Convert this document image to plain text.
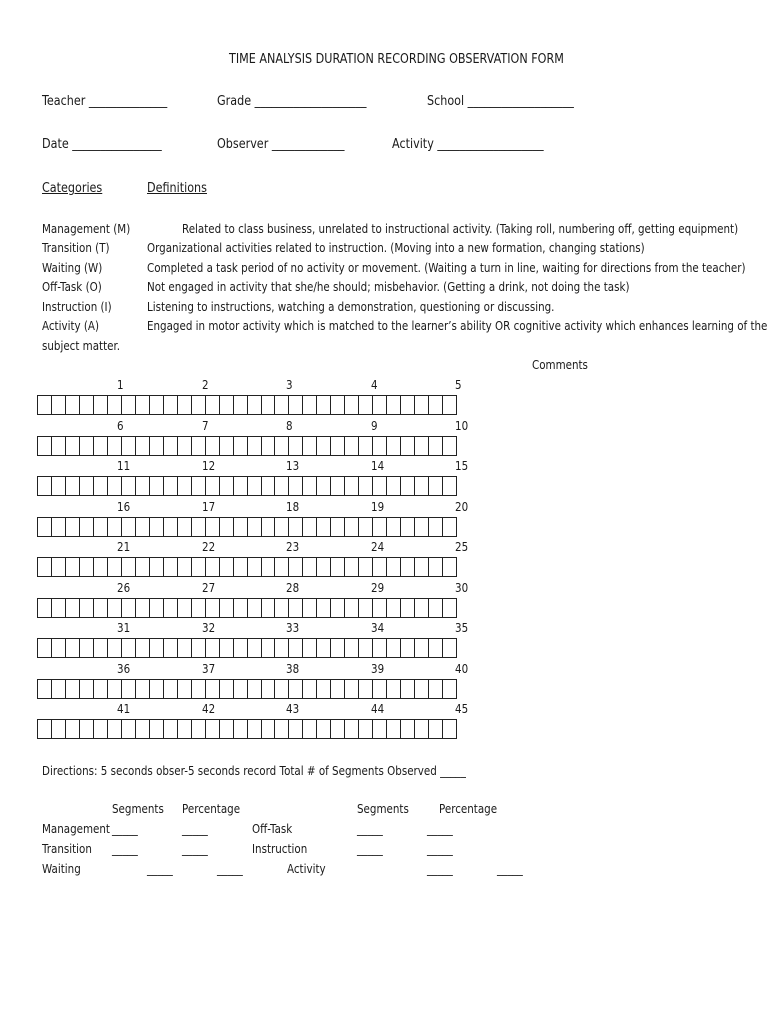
TIME ANALYSIS DURATION RECORDING OBSERVATION FORM
Teacher ______________	Grade ____________________	School ___________________
Date ________________	Observer _____________	Activity ___________________
Categories	Definitions
Management (M)	Related to class business, unrelated to instructional activity. (Taking roll, numbering off, getting equipment)
Transition (T)	Organizational activities related to instruction. (Moving into a new formation, changing stations)
Waiting (W)	Completed a task period of no activity or movement. (Waiting a turn in line, waiting for directions from the teacher)
Off-Task (O)	Not engaged in activity that she/he should; misbehavior. (Getting a drink, not doing the task)
Instruction (I)	Listening to instructions, watching a demonstration, questioning or discussing.
Activity (A)	Engaged in motor activity which is matched to the learner’s ability OR cognitive activity which enhances learning of the
subject matter.
Comments
1	2	3	4	5
6	7	8	9	10
11	12	13	14	15
16	17	18	19	20
21	22	23	24	25
26	27	28	29	30
31	32	33	34	35
36	37	38	39	40
41	42	43	44	45
Directions: 5 seconds obser-5 seconds record Total # of Segments Observed _____
Segments Percentage	Segments	Percentage
Management _____	_____	Off-Task	_____	_____
Transition _____	_____	Instruction	_____	_____
Waiting	_____	_____	Activity	_____	_____
